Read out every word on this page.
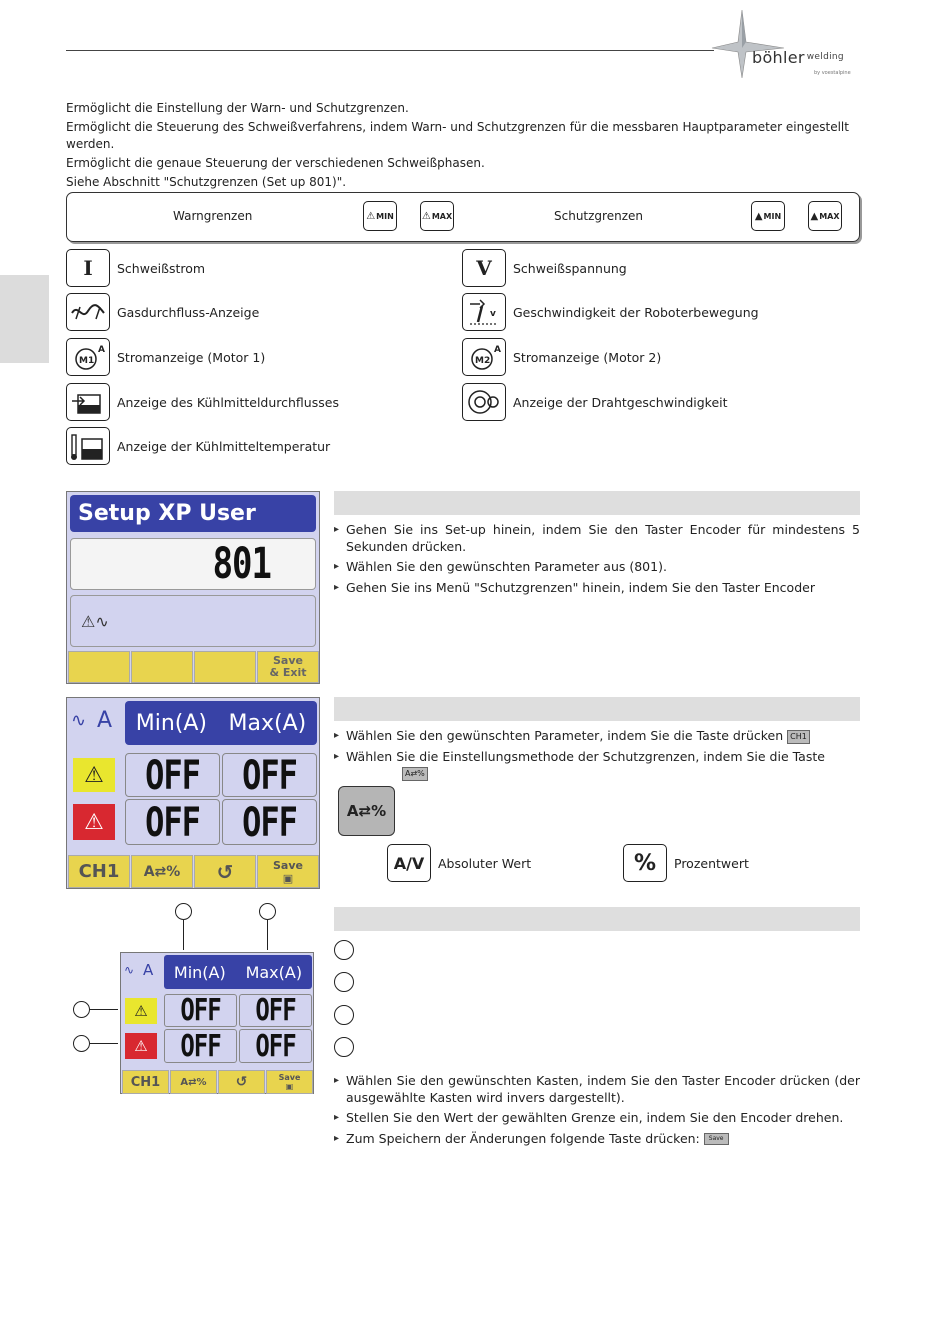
böhler $^{welding}$
by voestalpine

Ermöglicht die Einstellung der Warn- und Schutzgrenzen.

Ermöglicht die Steuerung des Schweißverfahrens, indem Warn- und Schutzgrenzen für die messbaren Hauptparameter eingestellt werden.

Ermöglicht die genaue Steuerung der verschiedenen Schweißphasen.

Siehe Abschnitt "Schutzgrenzen (Set up 801)".

Warngrenzen	⚠ MIN	⚠ MAX	Schutzgrenzen	▲ MIN	▲ MAX
I Schweißstrom	V Schweißspannung
Gasdurchfluss-Anzeige	v Geschwindigkeit der Roboterbewegung
M1
A Stromanzeige (Motor 1)	M2
A Stromanzeige (Motor 2)
Anzeige des Kühlmitteldurchflusses	Anzeige der Drahtgeschwindigkeit
Anzeige der Kühlmitteltemperatur
Setup XP User
801
⚠∿
Save
& Exit
▸ Gehen Sie ins Set-up hinein, indem Sie den Taster Encoder für mindestens 5 Sekunden drücken.
▸ Wählen Sie den gewünschten Parameter aus (801).
▸ Gehen Sie ins Menü "Schutzgrenzen" hinein, indem Sie den Taster Encoder
∿ A Min(A) Max(A)
⚠
⚠
OFF	OFF
OFF	OFF
CH1	A⇄%	↺	Save
▣
▸ Wählen Sie den gewünschten Parameter, indem Sie die Taste drücken CH1
▸ Wählen Sie die Einstellungsmethode der Schutzgrenzen, indem Sie die Taste
A⇄%
A⇄%
A/V	Absoluter Wert	%	Prozentwert
∿ A Min(A) Max(A)
⚠
⚠
OFF	OFF
OFF	OFF
CH1	A⇄%	↺	Save
▣
▸	Wählen Sie den gewünschten Kasten, indem Sie den Taster Encoder drücken (der ausgewählte Kasten wird invers dargestellt).
▸ Stellen Sie den Wert der gewählten Grenze ein, indem Sie den Encoder drehen.
▸ Zum Speichern der Änderungen folgende Taste drücken: Save
